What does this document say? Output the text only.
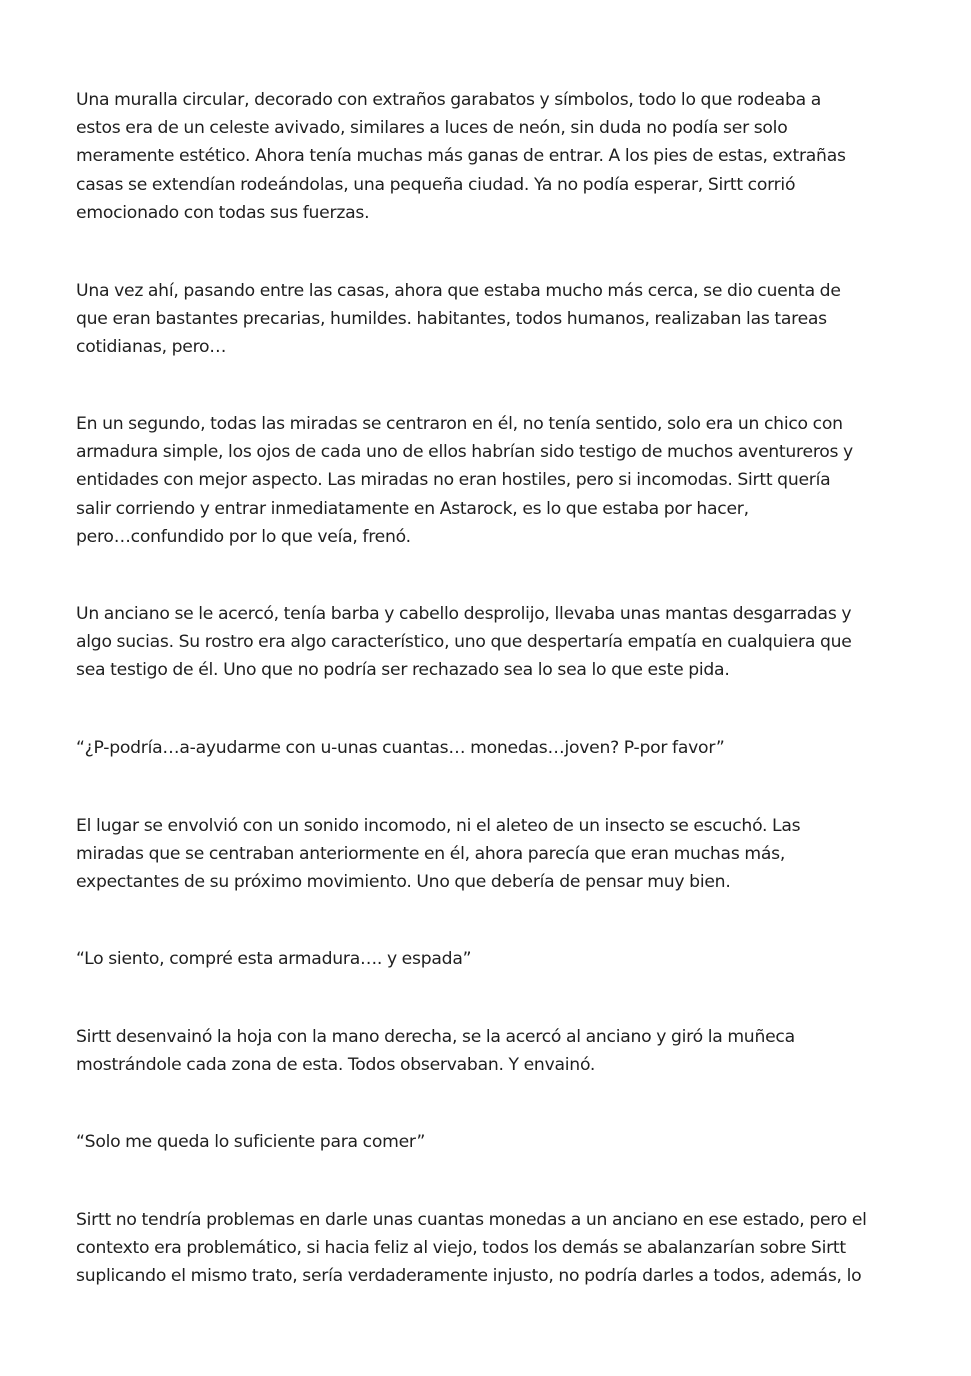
Una muralla circular, decorado con extraños garabatos y símbolos, todo lo que rodeaba a
estos era de un celeste avivado, similares a luces de neón, sin duda no podía ser solo
meramente estético. Ahora tenía muchas más ganas de entrar. A los pies de estas, extrañas
casas se extendían rodeándolas, una pequeña ciudad. Ya no podía esperar, Sirtt corrió
emocionado con todas sus fuerzas.

Una vez ahí, pasando entre las casas, ahora que estaba mucho más cerca, se dio cuenta de
que eran bastantes precarias, humildes. habitantes, todos humanos, realizaban las tareas
cotidianas, pero…

En un segundo, todas las miradas se centraron en él, no tenía sentido, solo era un chico con
armadura simple, los ojos de cada uno de ellos habrían sido testigo de muchos aventureros y
entidades con mejor aspecto. Las miradas no eran hostiles, pero si incomodas. Sirtt quería
salir corriendo y entrar inmediatamente en Astarock, es lo que estaba por hacer,
pero…confundido por lo que veía, frenó.

Un anciano se le acercó, tenía barba y cabello desprolijo, llevaba unas mantas desgarradas y
algo sucias. Su rostro era algo característico, uno que despertaría empatía en cualquiera que
sea testigo de él. Uno que no podría ser rechazado sea lo sea lo que este pida.

“¿P-podría…a-ayudarme con u-unas cuantas… monedas…joven? P-por favor”

El lugar se envolvió con un sonido incomodo, ni el aleteo de un insecto se escuchó. Las
miradas que se centraban anteriormente en él, ahora parecía que eran muchas más,
expectantes de su próximo movimiento. Uno que debería de pensar muy bien.

“Lo siento, compré esta armadura…. y espada”

Sirtt desenvainó la hoja con la mano derecha, se la acercó al anciano y giró la muñeca
mostrándole cada zona de esta. Todos observaban. Y envainó.

“Solo me queda lo suficiente para comer”

Sirtt no tendría problemas en darle unas cuantas monedas a un anciano en ese estado, pero el
contexto era problemático, si hacia feliz al viejo, todos los demás se abalanzarían sobre Sirtt
suplicando el mismo trato, sería verdaderamente injusto, no podría darles a todos, además, lo
